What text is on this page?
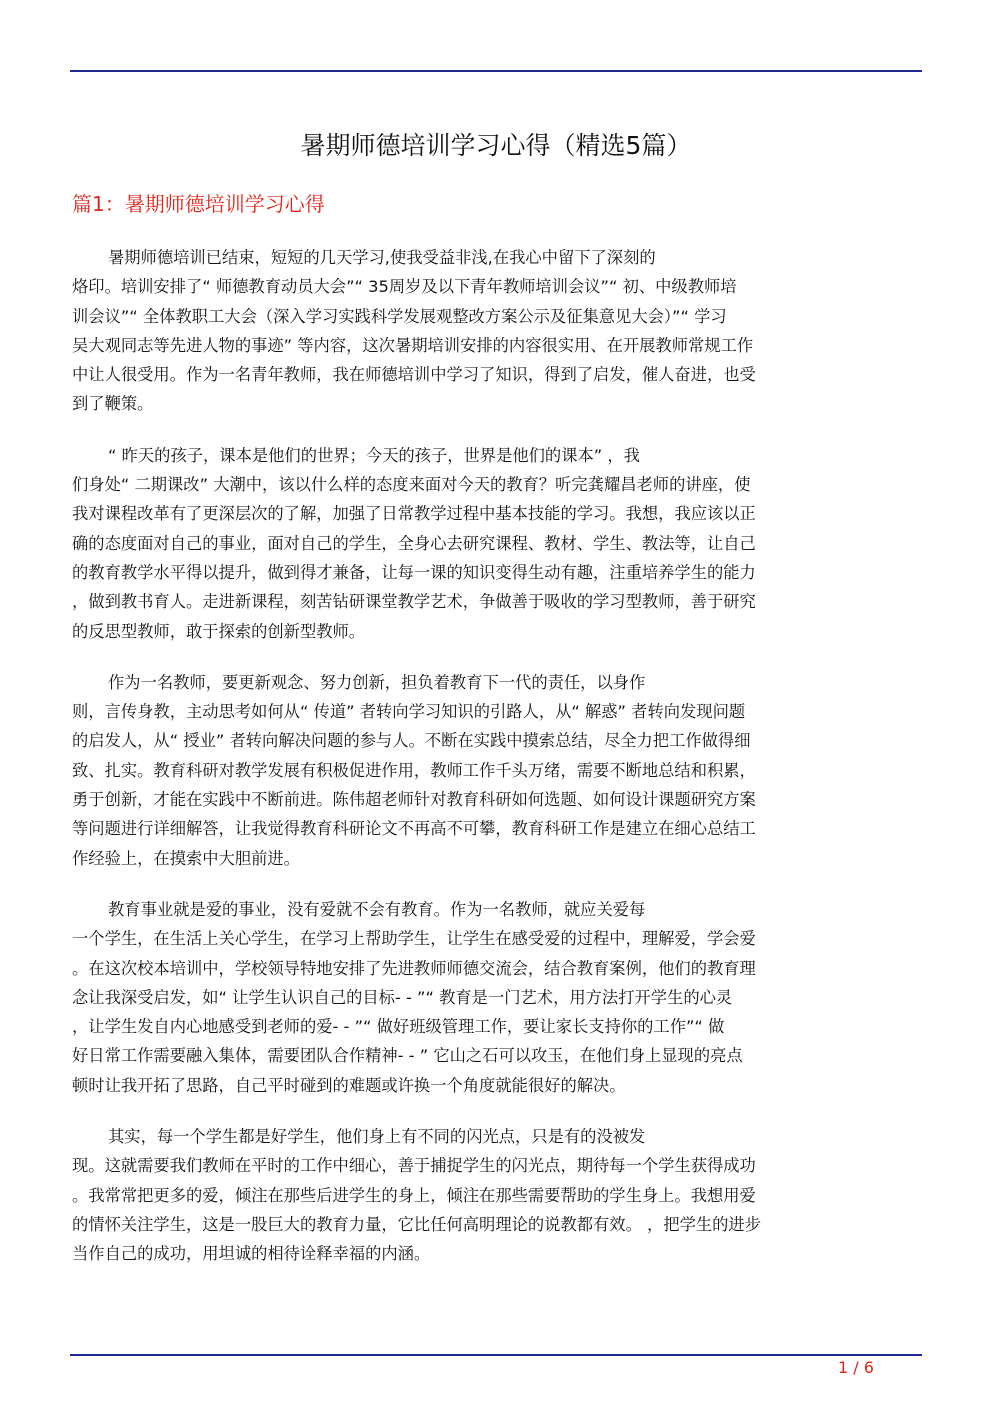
暑期师德培训学习心得（精选5篇）
篇1：暑期师德培训学习心得
暑期师德培训已结束，短短的几天学习,使我受益非浅,在我心中留下了深刻的
烙印。培训安排了“ 师德教育动员大会”“ 35周岁及以下青年教师培训会议”“ 初、中级教师培
训会议”“ 全体教职工大会（深入学习实践科学发展观整改方案公示及征集意见大会）”“ 学习
吴大观同志等先进人物的事迹” 等内容，这次暑期培训安排的内容很实用、在开展教师常规工作
中让人很受用。作为一名青年教师，我在师德培训中学习了知识，得到了启发，催人奋进，也受
到了鞭策。
“ 昨天的孩子，课本是他们的世界；今天的孩子，世界是他们的课本” ，我
们身处“ 二期课改” 大潮中，该以什么样的态度来面对今天的教育？听完龚耀昌老师的讲座，使
我对课程改革有了更深层次的了解，加强了日常教学过程中基本技能的学习。我想，我应该以正
确的态度面对自己的事业，面对自己的学生，全身心去研究课程、教材、学生、教法等，让自己
的教育教学水平得以提升，做到得才兼备，让每一课的知识变得生动有趣，注重培养学生的能力
，做到教书育人。走进新课程，刻苦钻研课堂教学艺术，争做善于吸收的学习型教师，善于研究
的反思型教师，敢于探索的创新型教师。
作为一名教师，要更新观念、努力创新，担负着教育下一代的责任，以身作
则，言传身教，主动思考如何从“ 传道” 者转向学习知识的引路人，从“ 解惑” 者转向发现问题
的启发人，从“ 授业” 者转向解决问题的参与人。不断在实践中摸索总结，尽全力把工作做得细
致、扎实。教育科研对教学发展有积极促进作用，教师工作千头万绪，需要不断地总结和积累，
勇于创新，才能在实践中不断前进。陈伟超老师针对教育科研如何选题、如何设计课题研究方案
等问题进行详细解答，让我觉得教育科研论文不再高不可攀，教育科研工作是建立在细心总结工
作经验上，在摸索中大胆前进。
教育事业就是爱的事业，没有爱就不会有教育。作为一名教师，就应关爱每
一个学生，在生活上关心学生，在学习上帮助学生，让学生在感受爱的过程中，理解爱，学会爱
。在这次校本培训中，学校领导特地安排了先进教师师德交流会，结合教育案例，他们的教育理
念让我深受启发，如“ 让学生认识自己的目标- - ”“ 教育是一门艺术，用方法打开学生的心灵
，让学生发自内心地感受到老师的爱- - ”“ 做好班级管理工作，要让家长支持你的工作”“ 做
好日常工作需要融入集体，需要团队合作精神- - ” 它山之石可以攻玉，在他们身上显现的亮点
顿时让我开拓了思路，自己平时碰到的难题或许换一个角度就能很好的解决。
其实，每一个学生都是好学生，他们身上有不同的闪光点，只是有的没被发
现。这就需要我们教师在平时的工作中细心，善于捕捉学生的闪光点，期待每一个学生获得成功
。我常常把更多的爱，倾注在那些后进学生的身上，倾注在那些需要帮助的学生身上。我想用爱
的情怀关注学生，这是一股巨大的教育力量，它比任何高明理论的说教都有效。 ，把学生的进步
当作自己的成功，用坦诚的相待诠释幸福的内涵。
1 / 6
